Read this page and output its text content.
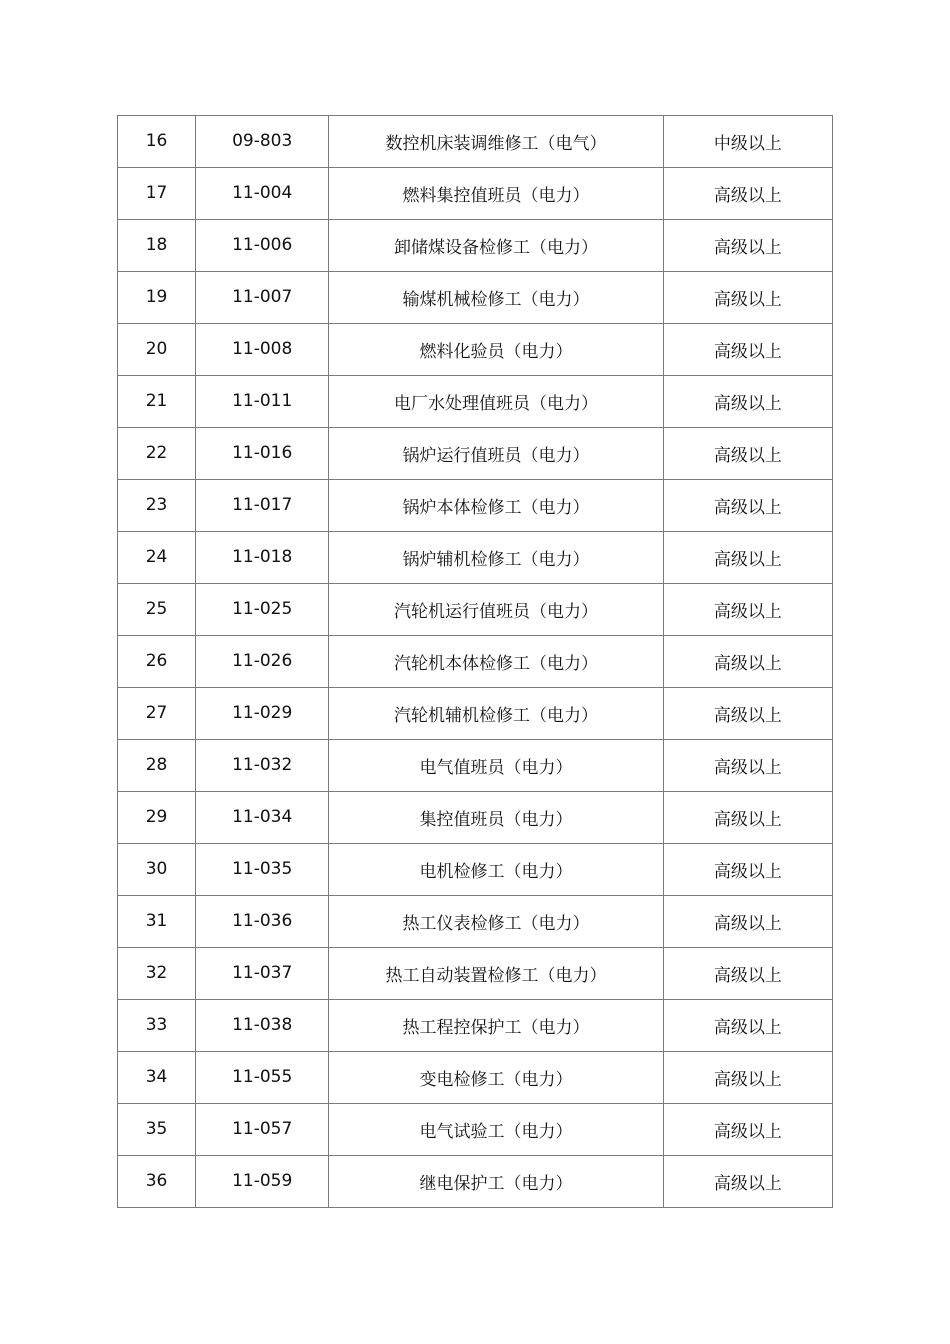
16	09-803	数控机床装调维修工（电气）	中级以上
17	11-004	燃料集控值班员（电力）	高级以上
18	11-006	卸储煤设备检修工（电力）	高级以上
19	11-007	输煤机械检修工（电力）	高级以上
20	11-008	燃料化验员（电力）	高级以上
21	11-011	电厂水处理值班员（电力）	高级以上
22	11-016	锅炉运行值班员（电力）	高级以上
23	11-017	锅炉本体检修工（电力）	高级以上
24	11-018	锅炉辅机检修工（电力）	高级以上
25	11-025	汽轮机运行值班员（电力）	高级以上
26	11-026	汽轮机本体检修工（电力）	高级以上
27	11-029	汽轮机辅机检修工（电力）	高级以上
28	11-032	电气值班员（电力）	高级以上
29	11-034	集控值班员（电力）	高级以上
30	11-035	电机检修工（电力）	高级以上
31	11-036	热工仪表检修工（电力）	高级以上
32	11-037	热工自动装置检修工（电力）	高级以上
33	11-038	热工程控保护工（电力）	高级以上
34	11-055	变电检修工（电力）	高级以上
35	11-057	电气试验工（电力）	高级以上
36	11-059	继电保护工（电力）	高级以上
